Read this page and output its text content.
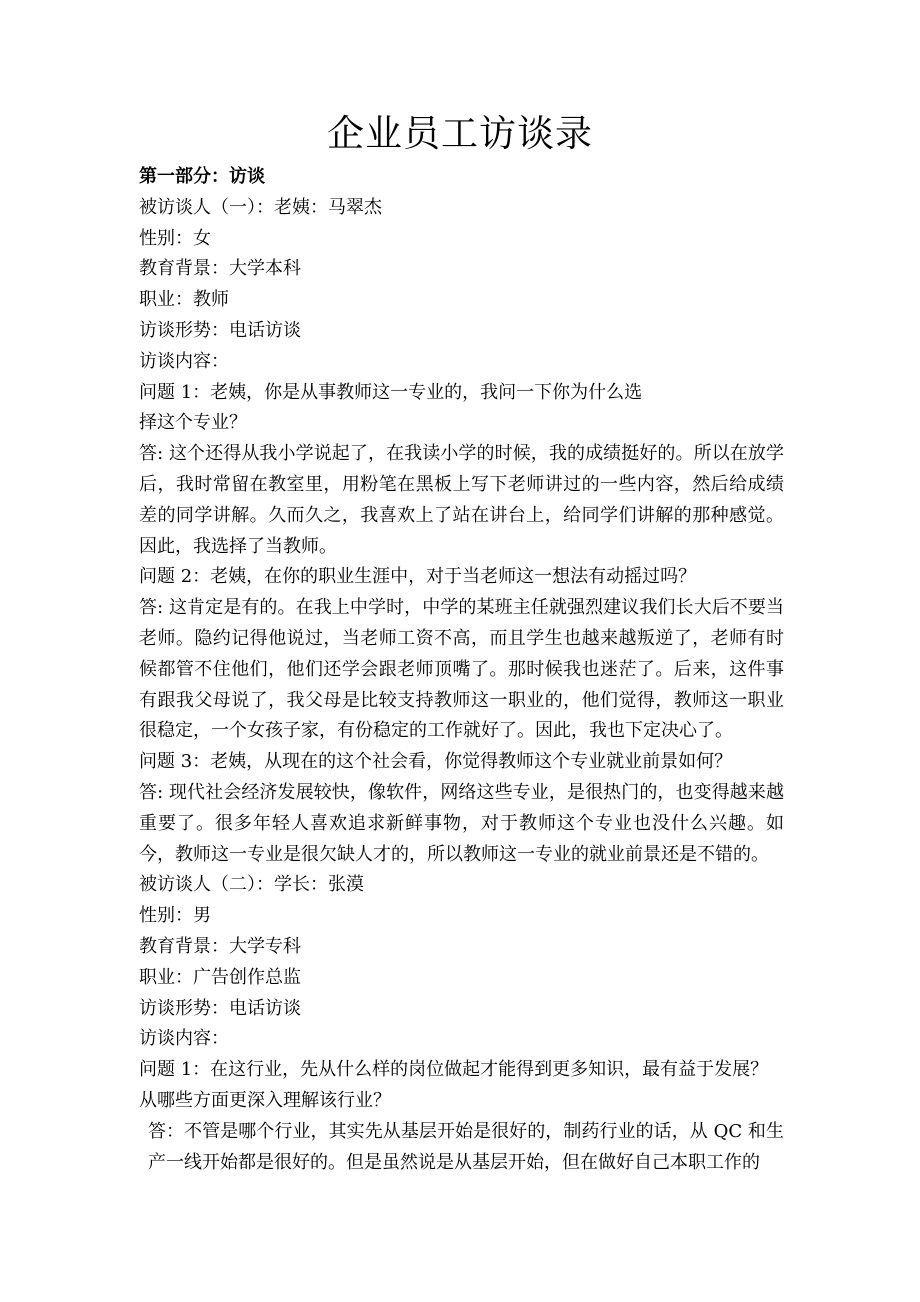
企业员工访谈录
第一部分：访谈
被访谈人（一）：老姨：马翠杰
性别：女
教育背景：大学本科
职业：教师
访谈形势：电话访谈
访谈内容：
问题 1：老姨，你是从事教师这一专业的，我问一下你为什么选
择这个专业？

答: 这个还得从我小学说起了，在我读小学的时候，我的成绩挺好的。所以在放学后，我时常留在教室里，用粉笔在黑板上写下老师讲过的一些内容，然后给成绩差的同学讲解。久而久之，我喜欢上了站在讲台上，给同学们讲解的那种感觉。因此，我选择了当教师。

问题 2：老姨，在你的职业生涯中，对于当老师这一想法有动摇过吗？

答: 这肯定是有的。在我上中学时，中学的某班主任就强烈建议我们长大后不要当老师。隐约记得他说过，当老师工资不高，而且学生也越来越叛逆了，老师有时候都管不住他们，他们还学会跟老师顶嘴了。那时候我也迷茫了。后来，这件事有跟我父母说了，我父母是比较支持教师这一职业的，他们觉得，教师这一职业很稳定，一个女孩子家，有份稳定的工作就好了。因此，我也下定决心了。

问题 3：老姨，从现在的这个社会看，你觉得教师这个专业就业前景如何？

答: 现代社会经济发展较快，像软件，网络这些专业，是很热门的，也变得越来越重要了。很多年轻人喜欢追求新鲜事物，对于教师这个专业也没什么兴趣。如今，教师这一专业是很欠缺人才的，所以教师这一专业的就业前景还是不错的。

被访谈人（二）：学长：张漠
性别：男
教育背景：大学专科
职业：广告创作总监
访谈形势：电话访谈
访谈内容：
问题 1：在这行业，先从什么样的岗位做起才能得到更多知识，最有益于发展？
从哪些方面更深入理解该行业？

答：不管是哪个行业，其实先从基层开始是很好的，制药行业的话，从 QC 和生产一线开始都是很好的。但是虽然说是从基层开始，但在做好自己本职工作的
